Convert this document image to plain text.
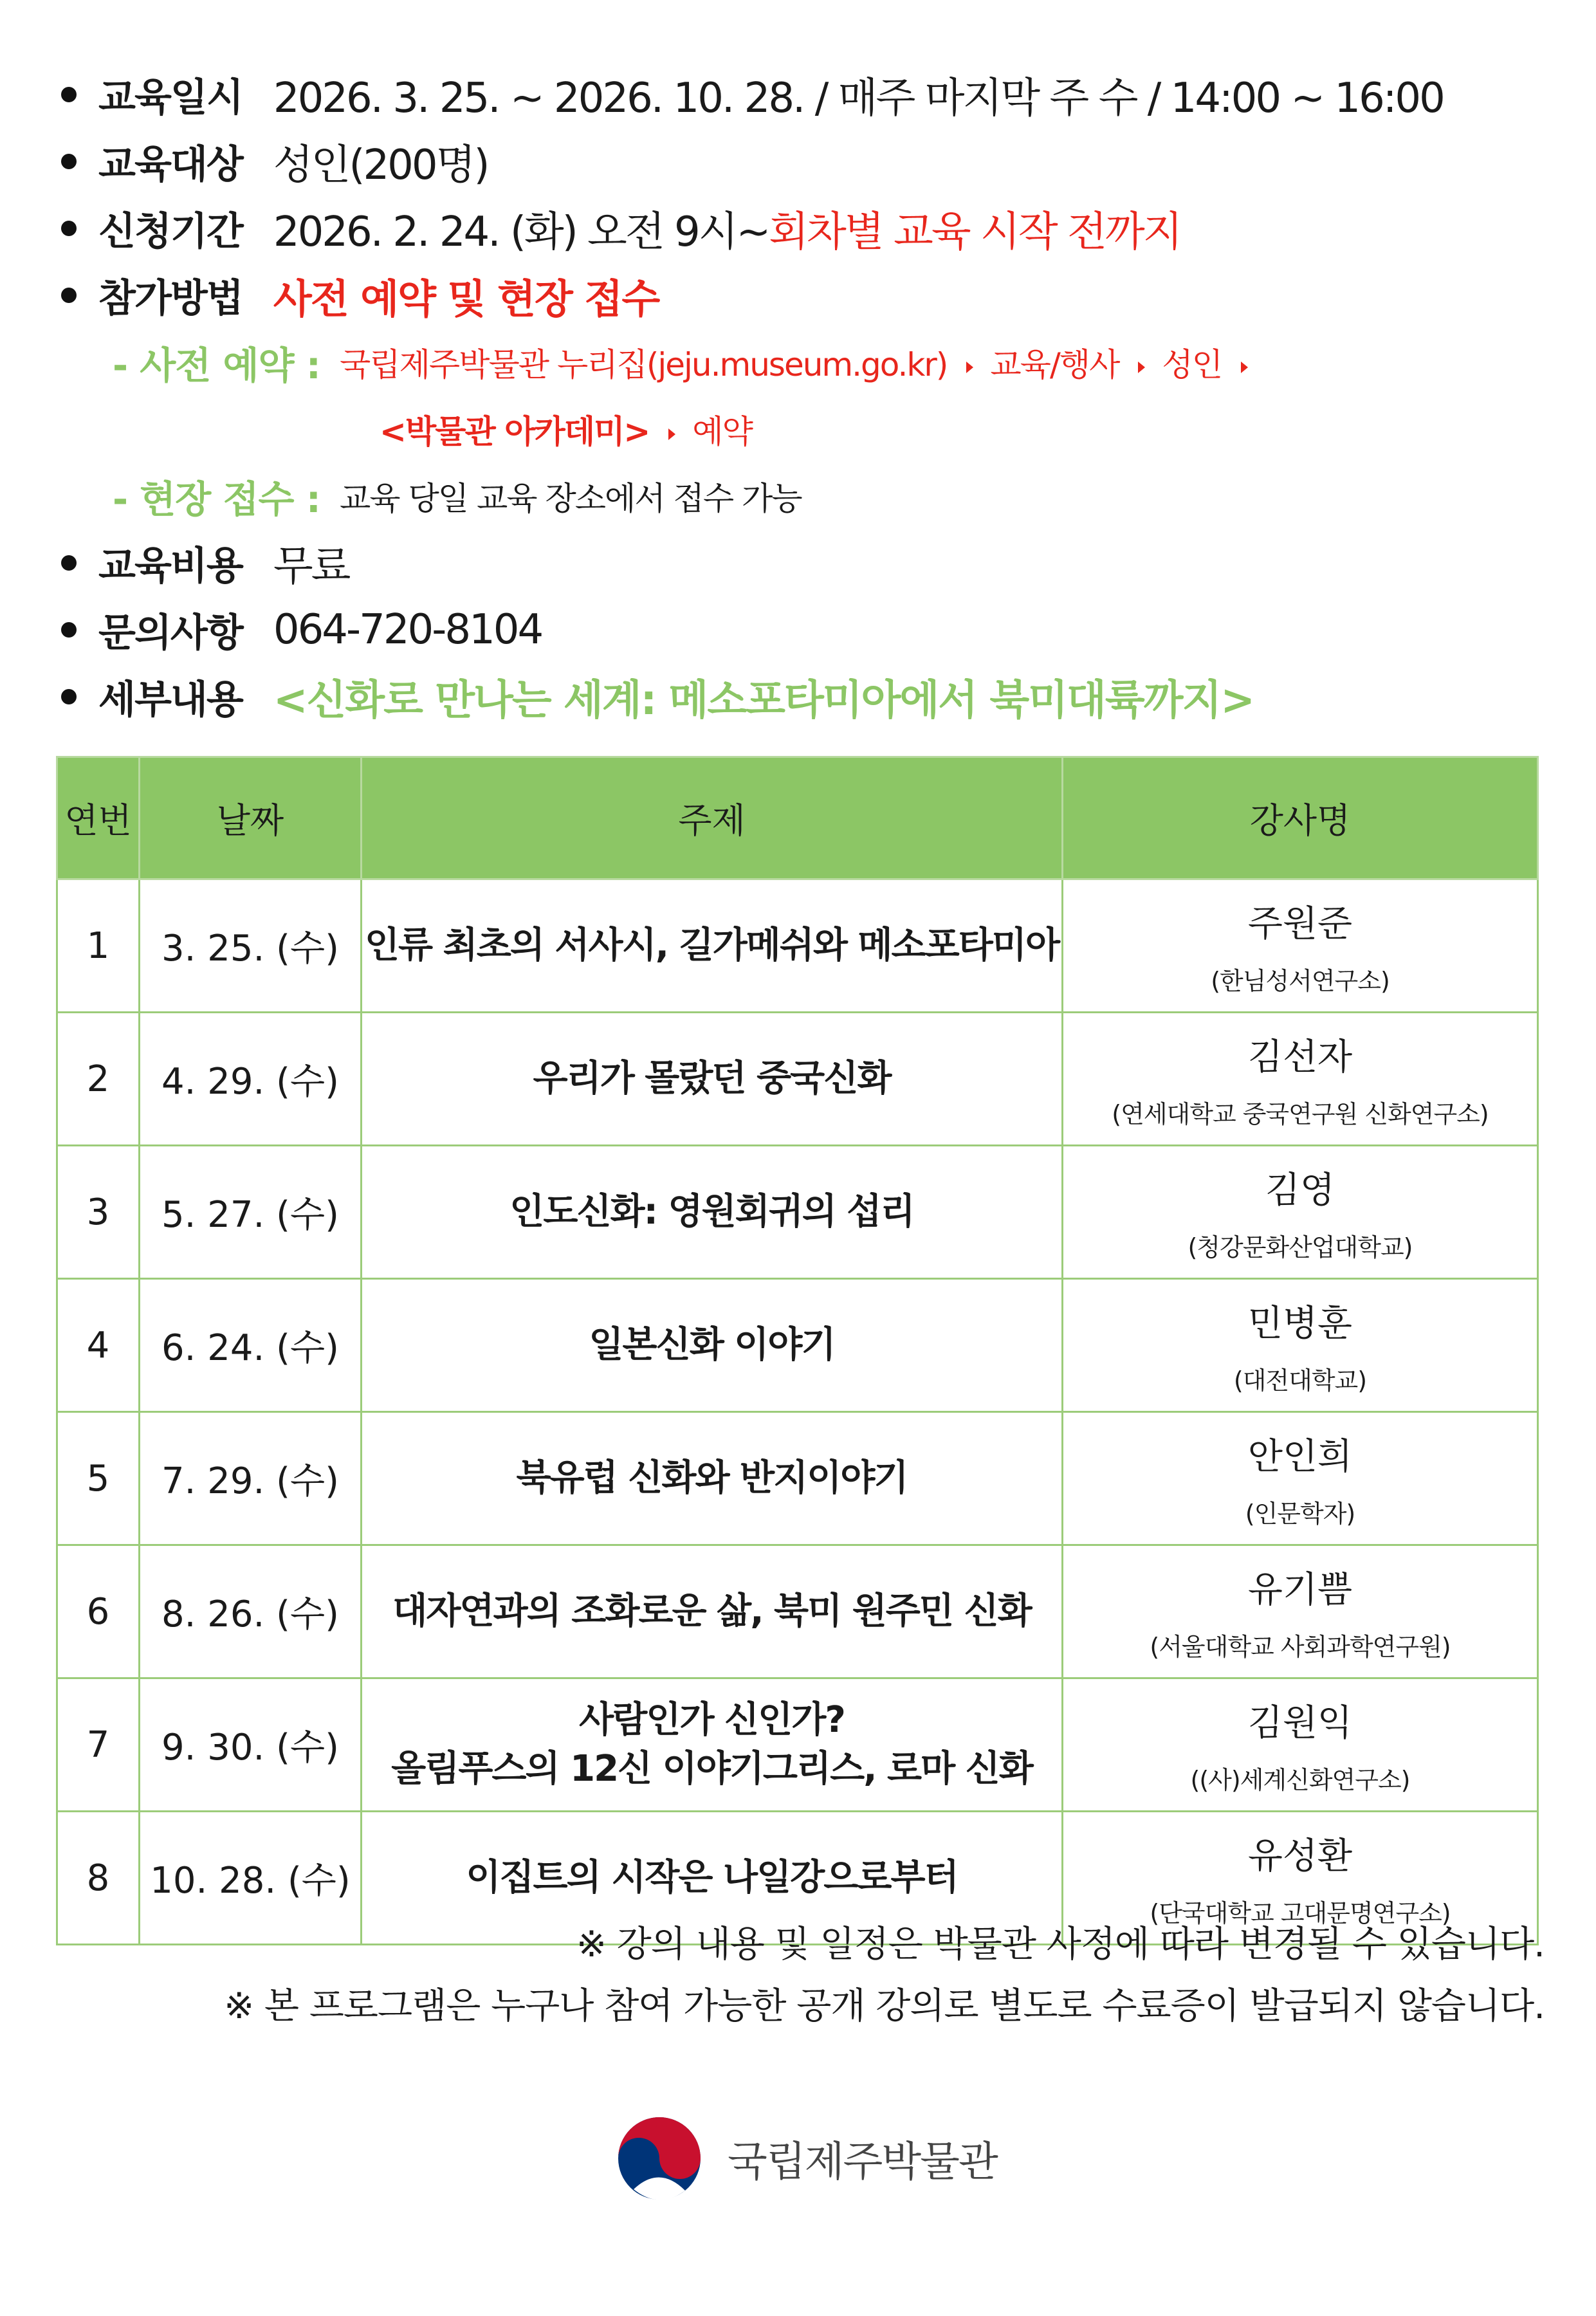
교육일시 2026. 3. 25. ~ 2026. 10. 28. / 매주 마지막 주 수 / 14:00 ~ 16:00
교육대상 성인(200명)
신청기간 2026. 2. 24. (화) 오전 9시~회차별 교육 시작 전까지
참가방법 사전 예약 및 현장 접수
- 사전 예약 : 국립제주박물관 누리집(jeju.museum.go.kr) 교육/행사 성인
<박물관 아카데미> 예약
- 현장 접수 : 교육 당일 교육 장소에서 접수 가능
교육비용 무료
문의사항 064-720-8104
세부내용 <신화로 만나는 세계: 메소포타미아에서 북미대륙까지>
연번	날짜	주제	강사명
1	3. 25. (수)	인류 최초의 서사시, 길가메쉬와 메소포타미아	주원준
(한님성서연구소)

2	4. 29. (수)	우리가 몰랐던 중국신화	김선자
(연세대학교 중국연구원 신화연구소)

3	5. 27. (수)	인도신화: 영원회귀의 섭리	김영
(청강문화산업대학교)

4	6. 24. (수)	일본신화 이야기	민병훈
(대전대학교)

5	7. 29. (수)	북유럽 신화와 반지이야기	안인희
(인문학자)

6	8. 26. (수)	대자연과의 조화로운 삶, 북미 원주민 신화	유기쁨
(서울대학교 사회과학연구원)

7	9. 30. (수)	사람인가 신인가?
올림푸스의 12신 이야기그리스, 로마 신화	김원익
((사)세계신화연구소)

8	10. 28. (수)	이집트의 시작은 나일강으로부터	유성환
(단국대학교 고대문명연구소)
※ 강의 내용 및 일정은 박물관 사정에 따라 변경될 수 있습니다.
※ 본 프로그램은 누구나 참여 가능한 공개 강의로 별도로 수료증이 발급되지 않습니다.
국립제주박물관
